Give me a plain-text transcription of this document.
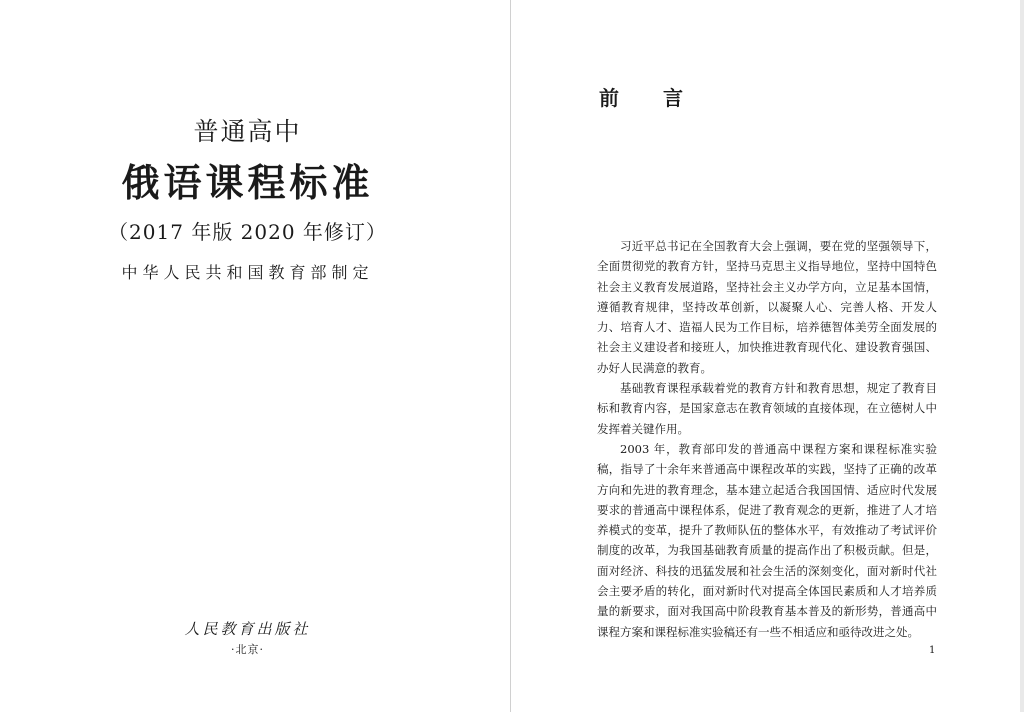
普通高中
俄语课程标准
（2017 年版 2020 年修订）
中华人民共和国教育部制定
人民教育出版社
·北京·
前　言

习近平总书记在全国教育大会上强调，要在党的坚强领导下，全面贯彻党的教育方针，坚持马克思主义指导地位，坚持中国特色社会主义教育发展道路，坚持社会主义办学方向，立足基本国情，遵循教育规律，坚持改革创新，以凝聚人心、完善人格、开发人力、培育人才、造福人民为工作目标，培养德智体美劳全面发展的社会主义建设者和接班人，加快推进教育现代化、建设教育强国、办好人民满意的教育。

基础教育课程承载着党的教育方针和教育思想，规定了教育目标和教育内容，是国家意志在教育领域的直接体现，在立德树人中发挥着关键作用。

2003 年，教育部印发的普通高中课程方案和课程标准实验稿，指导了十余年来普通高中课程改革的实践，坚持了正确的改革方向和先进的教育理念，基本建立起适合我国国情、适应时代发展要求的普通高中课程体系，促进了教育观念的更新，推进了人才培养模式的变革，提升了教师队伍的整体水平，有效推动了考试评价制度的改革，为我国基础教育质量的提高作出了积极贡献。但是，面对经济、科技的迅猛发展和社会生活的深刻变化，面对新时代社会主要矛盾的转化，面对新时代对提高全体国民素质和人才培养质量的新要求，面对我国高中阶段教育基本普及的新形势，普通高中课程方案和课程标准实验稿还有一些不相适应和亟待改进之处。

1
